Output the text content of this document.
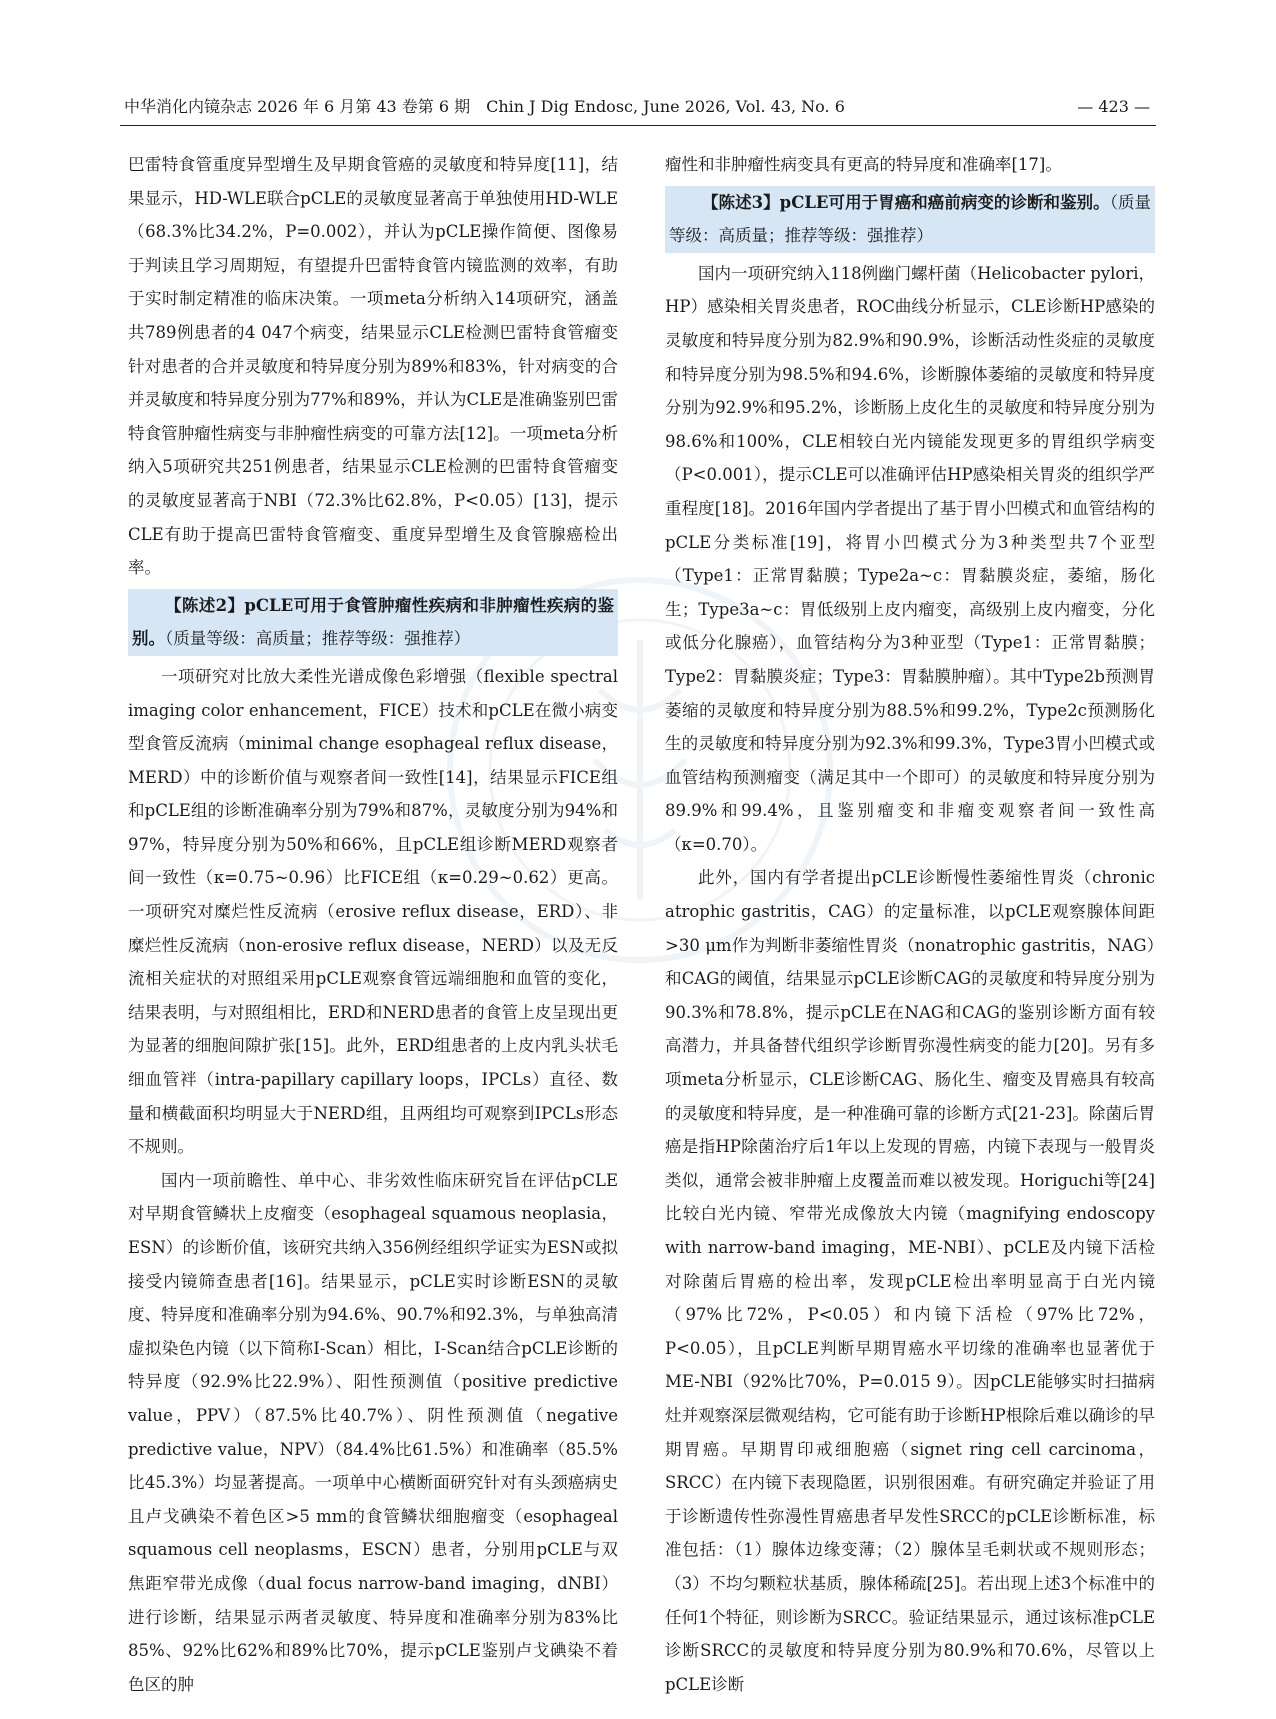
中华消化内镜杂志 2026 年 6 月第 43 卷第 6 期　Chin J Dig Endosc, June 2026, Vol. 43, No. 6	— 423 —

巴雷特食管重度异型增生及早期食管癌的灵敏度和特异度[11]，结果显示，HD-WLE联合pCLE的灵敏度显著高于单独使用HD-WLE（68.3%比34.2%，P=0.002），并认为pCLE操作简便、图像易于判读且学习周期短，有望提升巴雷特食管内镜监测的效率，有助于实时制定精准的临床决策。一项meta分析纳入14项研究，涵盖共789例患者的4 047个病变，结果显示CLE检测巴雷特食管瘤变针对患者的合并灵敏度和特异度分别为89%和83%，针对病变的合并灵敏度和特异度分别为77%和89%，并认为CLE是准确鉴别巴雷特食管肿瘤性病变与非肿瘤性病变的可靠方法[12]。一项meta分析纳入5项研究共251例患者，结果显示CLE检测的巴雷特食管瘤变的灵敏度显著高于NBI（72.3%比62.8%，P<0.05）[13]，提示CLE有助于提高巴雷特食管瘤变、重度异型增生及食管腺癌检出率。

【陈述2】pCLE可用于食管肿瘤性疾病和非肿瘤性疾病的鉴别。（质量等级：高质量；推荐等级：强推荐）

一项研究对比放大柔性光谱成像色彩增强（flexible spectral imaging color enhancement，FICE）技术和pCLE在微小病变型食管反流病（minimal change esophageal reflux disease，MERD）中的诊断价值与观察者间一致性[14]，结果显示FICE组和pCLE组的诊断准确率分别为79%和87%，灵敏度分别为94%和97%，特异度分别为50%和66%，且pCLE组诊断MERD观察者间一致性（κ=0.75~0.96）比FICE组（κ=0.29~0.62）更高。一项研究对糜烂性反流病（erosive reflux disease，ERD）、非糜烂性反流病（non-erosive reflux disease，NERD）以及无反流相关症状的对照组采用pCLE观察食管远端细胞和血管的变化，结果表明，与对照组相比，ERD和NERD患者的食管上皮呈现出更为显著的细胞间隙扩张[15]。此外，ERD组患者的上皮内乳头状毛细血管袢（intra-papillary capillary loops，IPCLs）直径、数量和横截面积均明显大于NERD组，且两组均可观察到IPCLs形态不规则。

国内一项前瞻性、单中心、非劣效性临床研究旨在评估pCLE对早期食管鳞状上皮瘤变（esophageal squamous neoplasia，ESN）的诊断价值，该研究共纳入356例经组织学证实为ESN或拟接受内镜筛查患者[16]。结果显示，pCLE实时诊断ESN的灵敏度、特异度和准确率分别为94.6%、90.7%和92.3%，与单独高清虚拟染色内镜（以下简称I-Scan）相比，I-Scan结合pCLE诊断的特异度（92.9%比22.9%）、阳性预测值（positive predictive value，PPV）（87.5%比40.7%）、阴性预测值（negative predictive value，NPV）（84.4%比61.5%）和准确率（85.5%比45.3%）均显著提高。一项单中心横断面研究针对有头颈癌病史且卢戈碘染不着色区>5 mm的食管鳞状细胞瘤变（esophageal squamous cell neoplasms，ESCN）患者，分别用pCLE与双焦距窄带光成像（dual focus narrow-band imaging，dNBI）进行诊断，结果显示两者灵敏度、特异度和准确率分别为83%比85%、92%比62%和89%比70%，提示pCLE鉴别卢戈碘染不着色区的肿

瘤性和非肿瘤性病变具有更高的特异度和准确率[17]。

【陈述3】pCLE可用于胃癌和癌前病变的诊断和鉴别。（质量等级：高质量；推荐等级：强推荐）

国内一项研究纳入118例幽门螺杆菌（Helicobacter pylori，HP）感染相关胃炎患者，ROC曲线分析显示，CLE诊断HP感染的灵敏度和特异度分别为82.9%和90.9%，诊断活动性炎症的灵敏度和特异度分别为98.5%和94.6%，诊断腺体萎缩的灵敏度和特异度分别为92.9%和95.2%，诊断肠上皮化生的灵敏度和特异度分别为98.6%和100%，CLE相较白光内镜能发现更多的胃组织学病变（P<0.001），提示CLE可以准确评估HP感染相关胃炎的组织学严重程度[18]。2016年国内学者提出了基于胃小凹模式和血管结构的pCLE分类标准[19]，将胃小凹模式分为3种类型共7个亚型（Type1：正常胃黏膜；Type2a~c：胃黏膜炎症，萎缩，肠化生；Type3a~c：胃低级别上皮内瘤变，高级别上皮内瘤变，分化或低分化腺癌），血管结构分为3种亚型（Type1：正常胃黏膜；Type2：胃黏膜炎症；Type3：胃黏膜肿瘤）。其中Type2b预测胃萎缩的灵敏度和特异度分别为88.5%和99.2%，Type2c预测肠化生的灵敏度和特异度分别为92.3%和99.3%，Type3胃小凹模式或血管结构预测瘤变（满足其中一个即可）的灵敏度和特异度分别为89.9%和99.4%，且鉴别瘤变和非瘤变观察者间一致性高（κ=0.70）。

此外，国内有学者提出pCLE诊断慢性萎缩性胃炎（chronic atrophic gastritis，CAG）的定量标准，以pCLE观察腺体间距>30 μm作为判断非萎缩性胃炎（nonatrophic gastritis，NAG）和CAG的阈值，结果显示pCLE诊断CAG的灵敏度和特异度分别为90.3%和78.8%，提示pCLE在NAG和CAG的鉴别诊断方面有较高潜力，并具备替代组织学诊断胃弥漫性病变的能力[20]。另有多项meta分析显示，CLE诊断CAG、肠化生、瘤变及胃癌具有较高的灵敏度和特异度，是一种准确可靠的诊断方式[21-23]。除菌后胃癌是指HP除菌治疗后1年以上发现的胃癌，内镜下表现与一般胃炎类似，通常会被非肿瘤上皮覆盖而难以被发现。Horiguchi等[24]比较白光内镜、窄带光成像放大内镜（magnifying endoscopy with narrow-band imaging，ME-NBI）、pCLE及内镜下活检对除菌后胃癌的检出率，发现pCLE检出率明显高于白光内镜（97%比72%，P<0.05）和内镜下活检（97%比72%，P<0.05），且pCLE判断早期胃癌水平切缘的准确率也显著优于ME-NBI（92%比70%，P=0.015 9）。因pCLE能够实时扫描病灶并观察深层微观结构，它可能有助于诊断HP根除后难以确诊的早期胃癌。早期胃印戒细胞癌（signet ring cell carcinoma，SRCC）在内镜下表现隐匿，识别很困难。有研究确定并验证了用于诊断遗传性弥漫性胃癌患者早发性SRCC的pCLE诊断标准，标准包括：（1）腺体边缘变薄；（2）腺体呈毛刺状或不规则形态；（3）不均匀颗粒状基质，腺体稀疏[25]。若出现上述3个标准中的任何1个特征，则诊断为SRCC。验证结果显示，通过该标准pCLE诊断SRCC的灵敏度和特异度分别为80.9%和70.6%，尽管以上pCLE诊断
